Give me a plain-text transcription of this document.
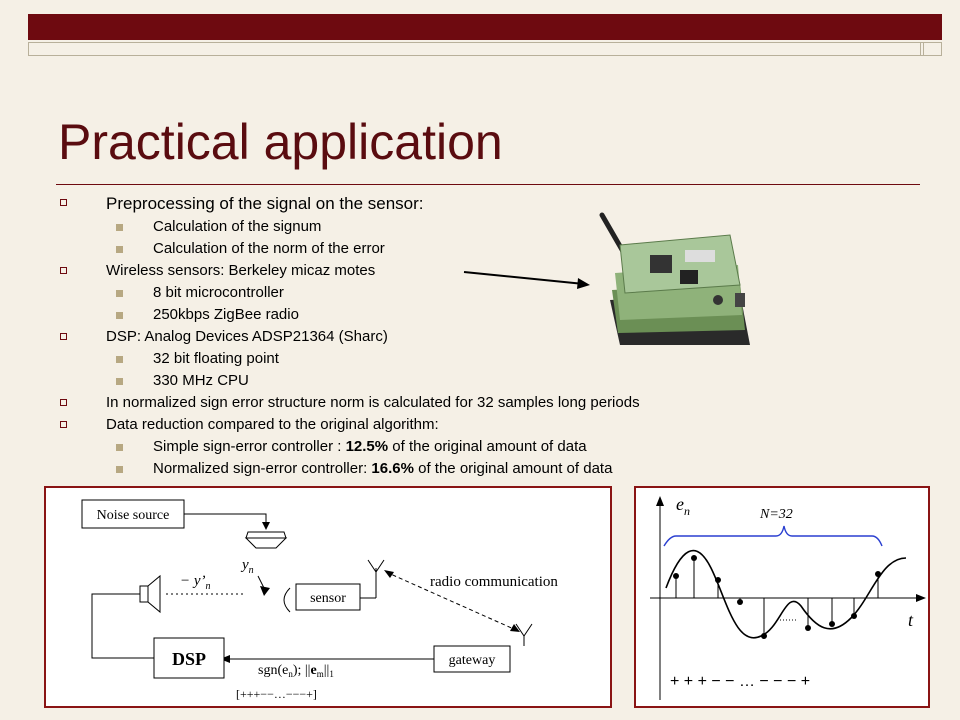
Practical application
Preprocessing of the signal on the sensor:
Calculation of the signum
Calculation of the norm of the error
Wireless sensors: Berkeley micaz motes
8 bit microcontroller
250kbps ZigBee radio
DSP: Analog Devices ADSP21364 (Sharc)
32 bit floating point
330 MHz CPU
In normalized sign error structure norm is calculated for 32 samples long periods
Data reduction compared to the original algorithm:
Simple sign-error controller : 12.5% of the original amount of data
Normalized sign-error controller: 16.6% of the original amount of data
Noise source
$y_n$
sensor
radio communication
gateway
$sgn(e_n)$; $||e_m||_1$
[+++−−…−−−+]
DSP
− $y’_n$
$e_n$
t
N=32
+ + + − − … − − − +
